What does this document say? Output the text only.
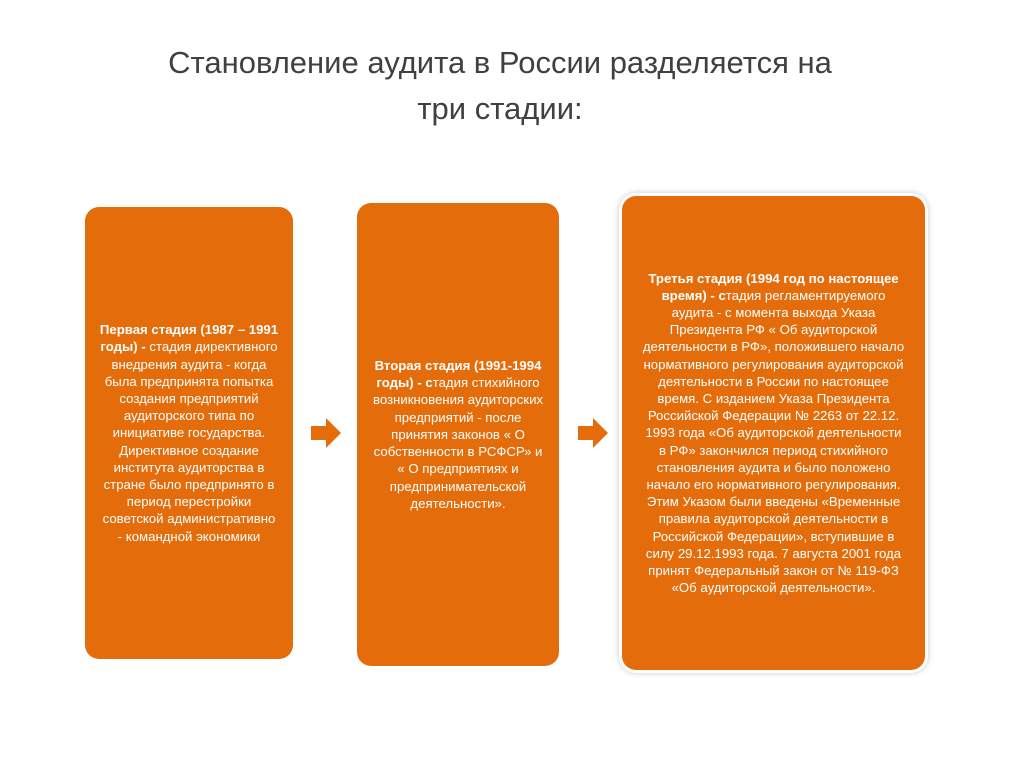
Становление аудита в России разделяется на
три стадии:
Первая стадия (1987 – 1991 годы) - стадия директивного внедрения аудита - когда была предпринята попытка создания предприятий аудиторского типа по инициативе государства. Директивное создание института аудиторства в стране было предпринято в период перестройки советской административно - командной экономики
Вторая стадия (1991-1994 годы) - стадия стихийного возникновения аудиторских предприятий - после принятия законов « О собственности в РСФСР» и « О предприятиях и предпринимательской деятельности».
Третья стадия (1994 год по настоящее время) - стадия регламентируемого аудита - с момента выхода Указа Президента РФ « Об аудиторской деятельности в РФ», положившего начало нормативного регулирования аудиторской деятельности в России по настоящее время. С изданием Указа Президента Российской Федерации № 2263 от 22.12. 1993 года «Об аудиторской деятельности в РФ» закончился период стихийного становления аудита и было положено начало его нормативного регулирования. Этим Указом были введены «Временные правила аудиторской деятельности в Российской Федерации», вступившие в силу 29.12.1993 года. 7 августа 2001 года принят Федеральный закон от № 119-ФЗ «Об аудиторской деятельности».
